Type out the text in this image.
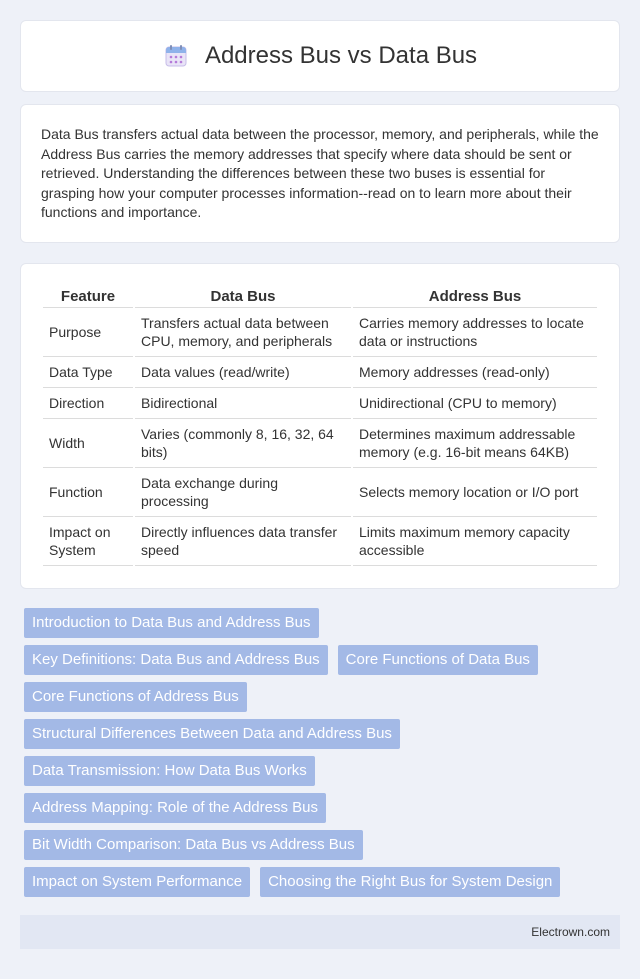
Address Bus vs Data Bus

Data Bus transfers actual data between the processor, memory, and peripherals, while the Address Bus carries the memory addresses that specify where data should be sent or retrieved. Understanding the differences between these two buses is essential for grasping how your computer processes information--read on to learn more about their functions and importance.

Feature	Data Bus	Address Bus
Purpose	Transfers actual data between CPU, memory, and peripherals	Carries memory addresses to locate data or instructions
Data Type	Data values (read/write)	Memory addresses (read-only)
Direction	Bidirectional	Unidirectional (CPU to memory)
Width	Varies (commonly 8, 16, 32, 64 bits)	Determines maximum addressable memory (e.g. 16-bit means 64KB)
Function	Data exchange during processing	Selects memory location or I/O port
Impact on System	Directly influences data transfer speed	Limits maximum memory capacity accessible
Introduction to Data Bus and Address Bus
Key Definitions: Data Bus and Address Bus	Core Functions of Data Bus
Core Functions of Address Bus
Structural Differences Between Data and Address Bus
Data Transmission: How Data Bus Works
Address Mapping: Role of the Address Bus
Bit Width Comparison: Data Bus vs Address Bus
Impact on System Performance	Choosing the Right Bus for System Design
Electrown.com
